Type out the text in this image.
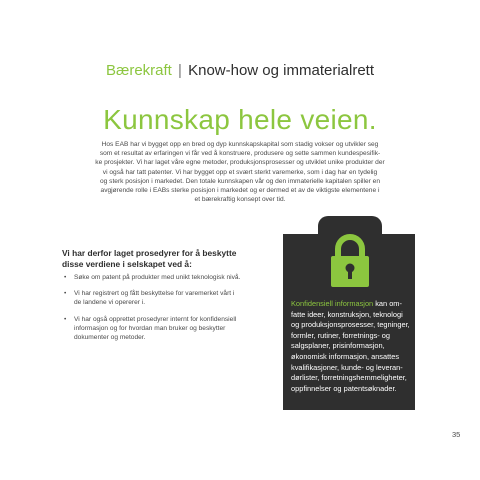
Bærekraft | Know-how og immaterialrett
Kunnskap hele veien.
Hos EAB har vi bygget opp en bred og dyp kunnskapskapital som stadig vokser og utvikler seg
som et resultat av erfaringen vi får ved å konstruere, produsere og sette sammen kundespesifik-
ke prosjekter. Vi har laget våre egne metoder, produksjonsprosesser og utviklet unike produkter der
vi også har tatt patenter. Vi har bygget opp et svært sterkt varemerke, som i dag har en tydelig
og sterk posisjon i markedet. Den totale kunnskapen vår og den immaterielle kapitalen spiller en
avgjørende rolle i EABs sterke posisjon i markedet og er dermed et av de viktigste elementene i
et bærekraftig konsept over tid.
Vi har derfor laget prosedyrer for å beskytte
disse verdiene i selskapet ved å:
• Søke om patent på produkter med unikt teknologisk nivå.
• Vi har registrert og fått beskyttelse for varemerket vårt i
de landene vi opererer i.
• Vi har også opprettet prosedyrer internt for konfidensiell
informasjon og for hvordan man bruker og beskytter
dokumenter og metoder.
Konfidensiell informasjon kan om-
fatte ideer, konstruksjon, teknologi
og produksjonsprosesser, tegninger,
formler, rutiner, forretnings- og
salgsplaner, prisinformasjon,
økonomisk informasjon, ansattes
kvalifikasjoner, kunde- og leveran-
dørlister, forretningshemmeligheter,
oppfinnelser og patentsøknader.
35
